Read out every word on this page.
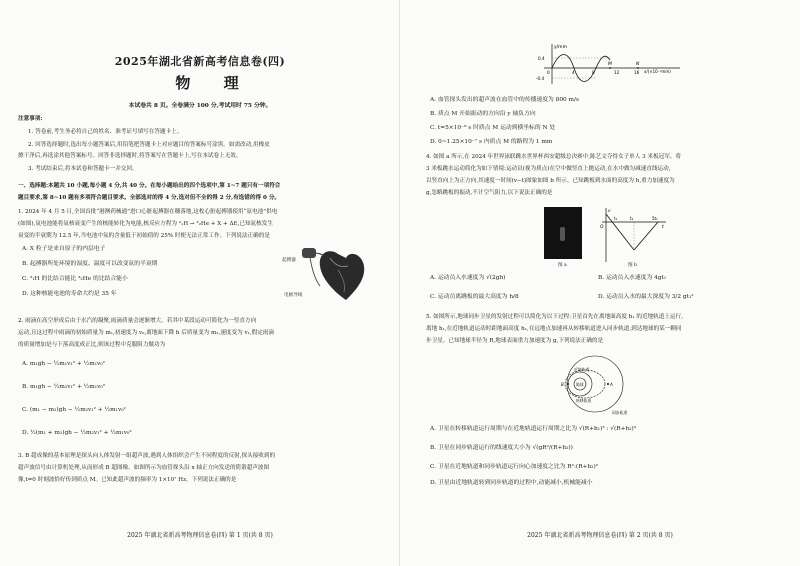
2025年湖北省新高考信息卷(四)
物 理
本试卷共 8 页。全卷满分 100 分,考试用时 75 分钟。
注意事项:
1. 答卷前,考生务必将自己的姓名、准考证号填写在答题卡上。
2. 回答选择题时,选出每小题答案后,用铅笔把答题卡上对应题目的答案标号涂黑。如需改动,用橡皮
擦干净后,再选涂其他答案标号。回答非选择题时,将答案写在答题卡上,写在本试卷上无效。
3. 考试结束后,将本试卷和答题卡一并交回。
一、选择题:本题共 10 小题,每小题 4 分,共 40 分。在每小题给出的四个选项中,第 1~7 题只有一项符合
题目要求,第 8~10 题有多项符合题目要求。全部选对的得 4 分,选对但不全的得 2 分,有选错的得 0 分。
1. 2024 年 4 月 5 日,全国首批“港澳药械通”进口心脏起搏器在穗落地,这枚心脏起搏器使用“氚电池”供电
(如图),氚电池能将氚核衰变产生的核能转化为电能,核反应方程为 ³₁H → ³₂He + X + ΔE,已知氚核发生
衰变的半衰期为 12.5 年,当电池中氚的含量低于初始值的 25% 时便无法正常工作。下列说法正确的是
A. X 粒子是来自原子的内层电子
B. 起搏器所处环境的湿度、温度可以改变氚的半衰期
C. ³₁H 的比结合能比 ³₂He 的比结合能小
D. 这种核能电池的寿命大约是 35 年
起搏器
电极导线
2. 雨滴在高空形成后由于水汽的凝聚,雨滴质量会逐渐增大。若其中某段运动可简化为一竖直方向
运动,且这过程中雨滴的初始质量为 m₁,初速度为 v₀,离地面下降 h 后质量变为 m₂,速度变为 v₁,假定雨滴
的质量增加是与下落高度成正比,则该过程中克服阻力做功为
A. m₁gh − ½m₁v₁² + ½m₁v₀²
B. m₁gh − ½m₂v₁² + ½m₁v₀²
C. (m₁ − m₂)gh − ½m₂v₁² + ½m₁v₀²
D. ½(m₁ + m₂)gh − ½m₂v₁² + ½m₁v₀²
3. B 超成像的基本原理是探头向人体发射一组超声波,遇到人体组织会产生不同程度的反射,探头接收到的
超声波信号由计算机处理,从而形成 B 超图像。如图所示为血管探头沿 x 轴正方向发送的简谐超声波图
像,t=0 时刻波恰好传到质点 M。已知此超声波的频率为 1×10⁷ Hz。下列说法正确的是
2025 年湖北省新高考物理信息卷(四) 第 1 页(共 8 页)
y/mm
0.4
-0.4
0	4	8	12	16
M	N
x/(×10⁻²mm)
A. 血管探头发出的超声波在血管中的传播速度为 800 m/s
B. 质点 M 开始振动的方向沿 y 轴负方向
C. t=5×10⁻⁸ s 时质点 M 运动到横坐标的 N 处
D. 0~1.25×10⁻⁷ s 内质点 M 的路程为 1 mm
4. 如图 a 所示,在 2024 年世界泳联跳水世界杯西安超级总决赛中,陈艺文夺得女子单人 3 米板冠军。将
3 米板跳水运动简化为如下情境:运动员(视为质点)在空中做竖直上抛运动,在水中做匀减速直线运动,
以竖直向上为正方向,其速度一时间(v−t)图象如图 b 所示。已知跳板到水面的高度为 h,重力加速度为
g,忽略跳板的振动,不计空气阻力,以下说法正确的是
图 a
v
O
t₁	t₂
t
5t₁
图 b
A. 运动员入水速度为 √(2gh)	B. 运动员入水速度为 4gt₁
C. 运动员离跳板的最大高度为 h/8	D. 运动员入水的最大深度为 3/2 gt₁²
5. 如图所示,地球同步卫星的发射过程可以简化为以下过程:卫星首先在离地面高度 h₁ 的近地轨道上运行,
离地 h₁,在近地轨道运动时距地面高度 h₁,在远地点加速再从转移轨道进入同步轨道,到达地球的某一颗同
步卫星。已知地球半径为 R,地球表面重力加速度为 g,下列说法正确的是
近地轨道
地球
转移轨道
同步轨道
A
B
A. 卫星在转移轨道运行周期与在近地轨道运行周期之比为 √(R+h₁)³ : √(R+h₂)³
B. 卫星在同步轨道运行的线速度大小为 √(gR²/(R+h₂))
C. 卫星在近地轨道和同步轨道运行向心加速度之比为 R²:(R+h₂)²
D. 卫星由近地轨道转到同步轨道的过程中,动能减小,机械能减小
2025 年湖北省新高考物理信息卷(四) 第 2 页(共 8 页)
